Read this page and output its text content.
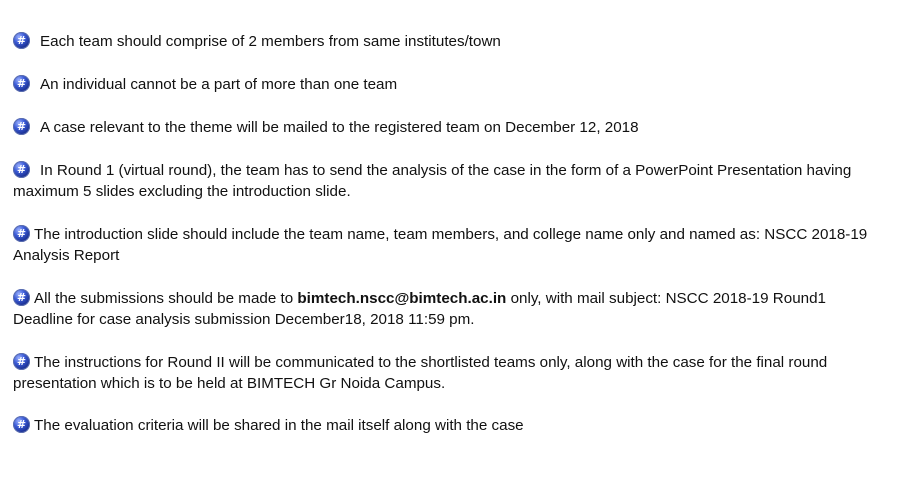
#Each team should comprise of 2 members from same institutes/town
#An individual cannot be a part of more than one team
#A case relevant to the theme will be mailed to the registered team on December 12, 2018
#In Round 1 (virtual round), the team has to send the analysis of the case in the form of a PowerPoint Presentation having maximum 5 slides excluding the introduction slide.
#The introduction slide should include the team name, team members, and college name only and named as: NSCC 2018-19 Analysis Report
#All the submissions should be made to bimtech.nscc@bimtech.ac.in only, with mail subject: NSCC 2018-19 Round1
Deadline for case analysis submission December18, 2018 11:59 pm.
#The instructions for Round II will be communicated to the shortlisted teams only, along with the case for the final round presentation which is to be held at BIMTECH Gr Noida Campus.
#The evaluation criteria will be shared in the mail itself along with the case
